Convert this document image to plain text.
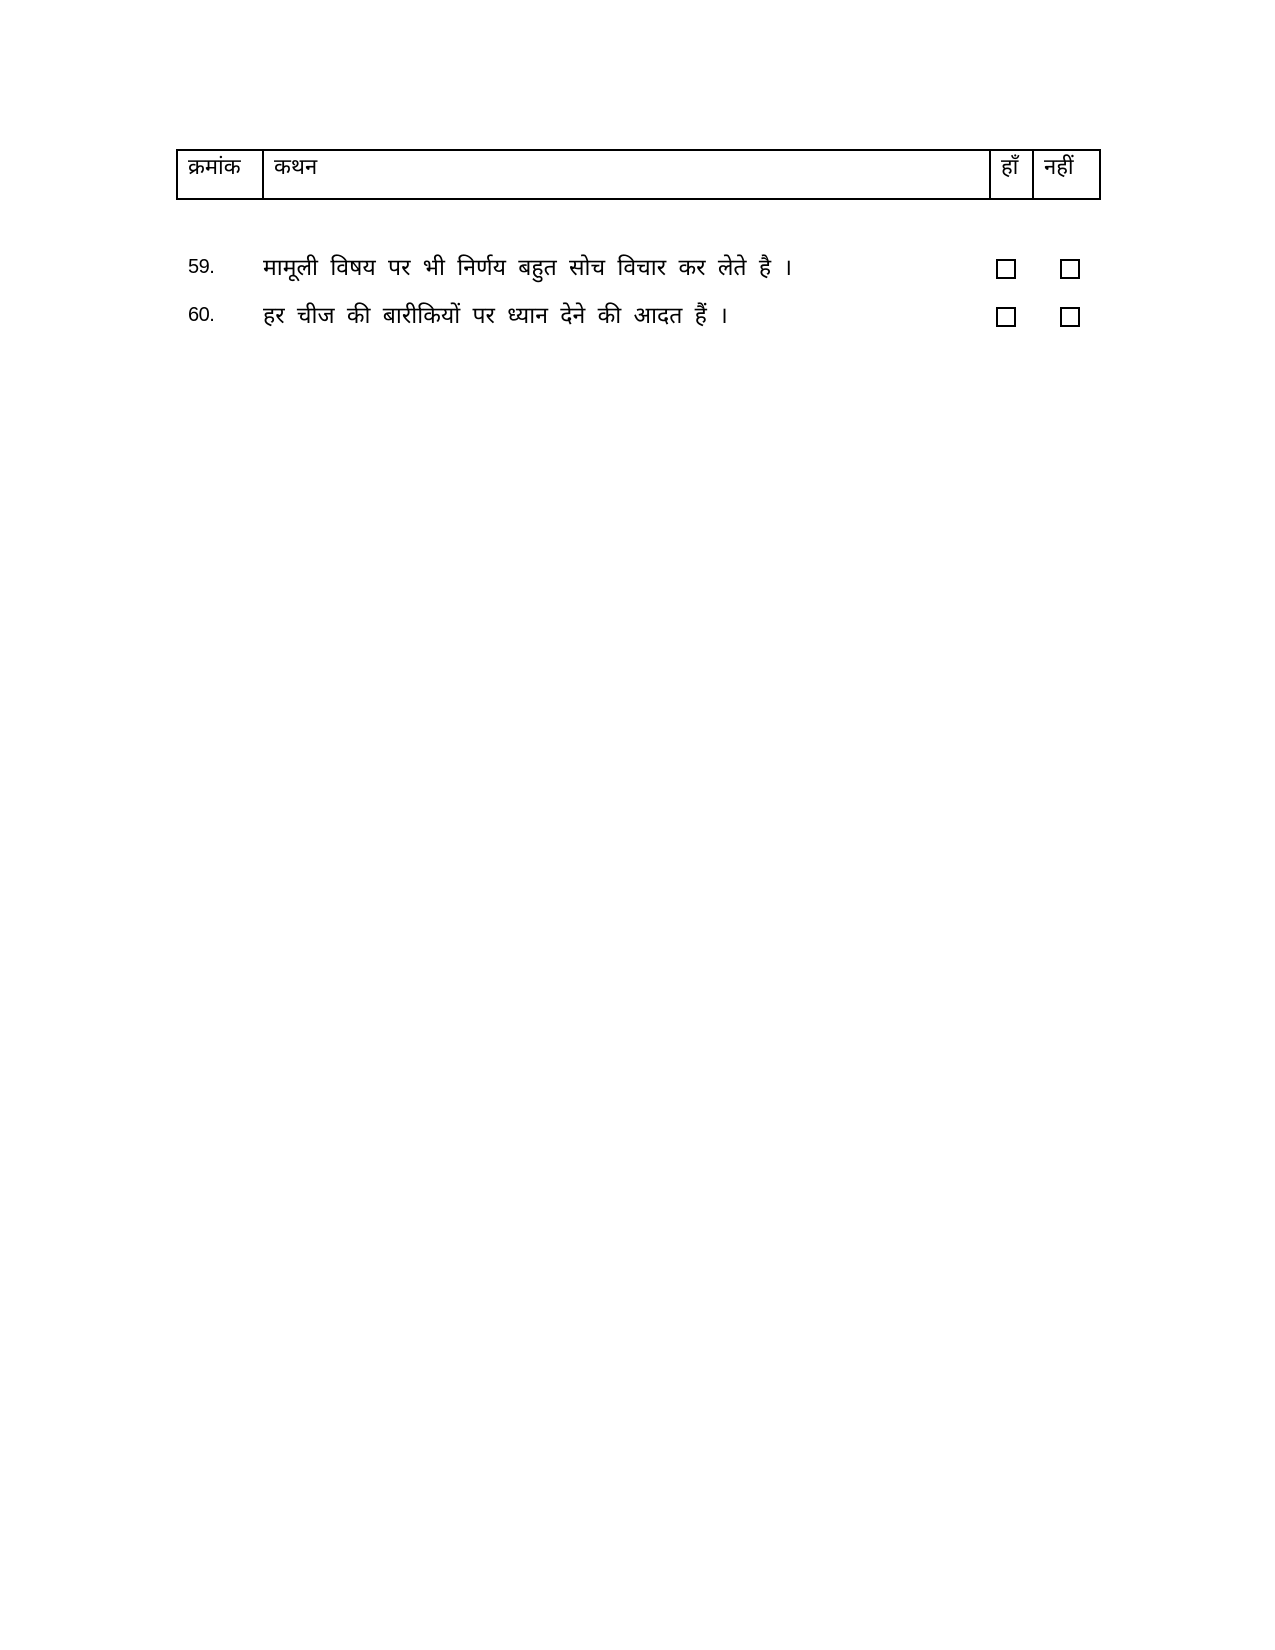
क्रमांक	कथन	हाँ	नहीं
59. मामूली विषय पर भी निर्णय बहुत सोच विचार कर लेते है ।
60. हर चीज की बारीकियों पर ध्यान देने की आदत हैं ।
